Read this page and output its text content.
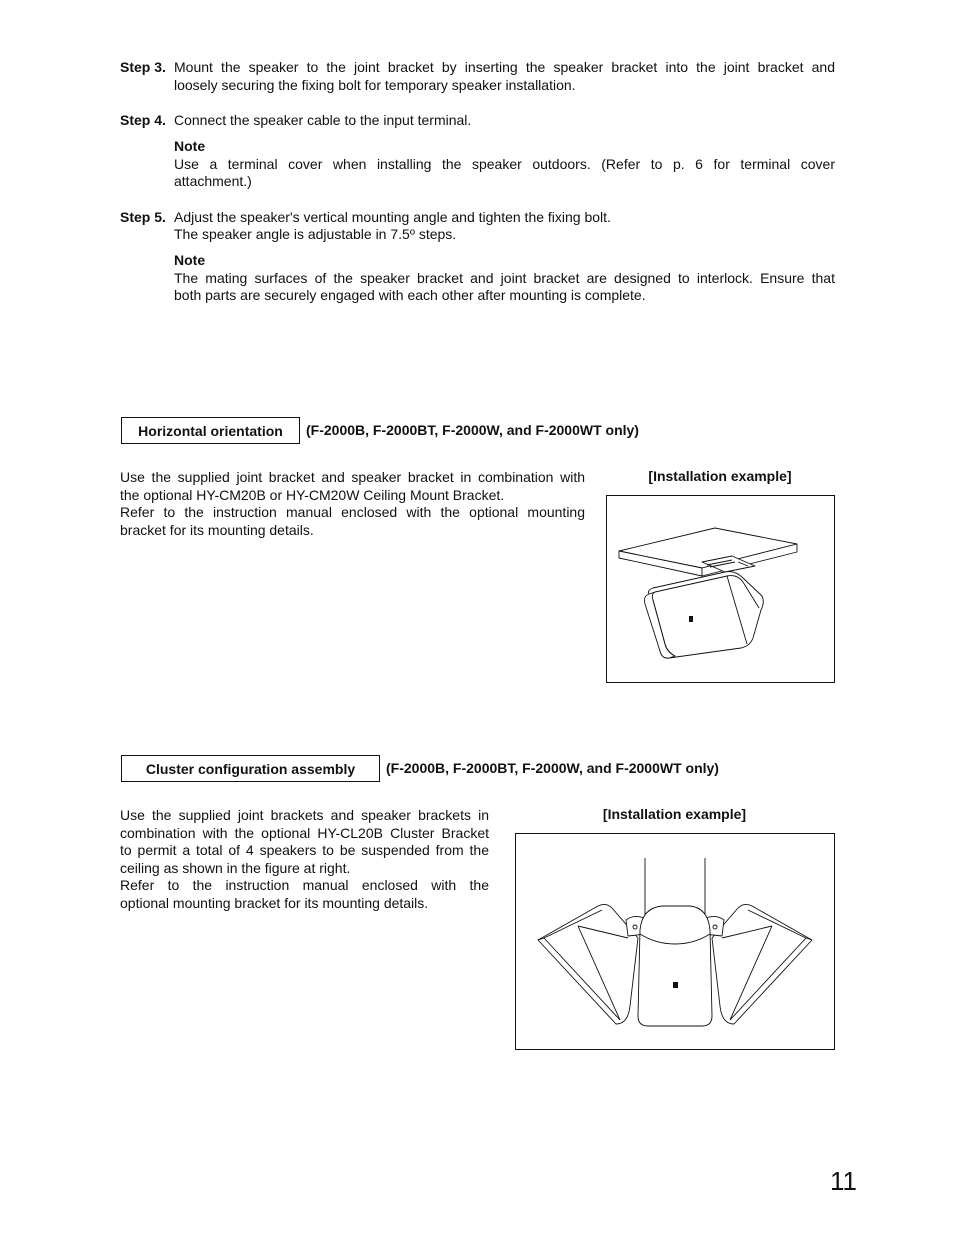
Step 3. Mount the speaker to the joint bracket by inserting the speaker bracket into the joint bracket and
loosely securing the fixing bolt for temporary speaker installation.
Step 4. Connect the speaker cable to the input terminal.
Note
Use a terminal cover when installing the speaker outdoors. (Refer to p. 6 for terminal cover
attachment.)
Step 5. Adjust the speaker's vertical mounting angle and tighten the fixing bolt.
The speaker angle is adjustable in 7.5º steps.
Note
The mating surfaces of the speaker bracket and joint bracket are designed to interlock. Ensure that
both parts are securely engaged with each other after mounting is complete.
Horizontal orientation	(F-2000B, F-2000BT, F-2000W, and F-2000WT only)
Use the supplied joint bracket and speaker bracket in combination with
the optional HY-CM20B or HY-CM20W Ceiling Mount Bracket.
Refer to the instruction manual enclosed with the optional mounting
bracket for its mounting details.
[Installation example]
Cluster configuration assembly	(F-2000B, F-2000BT, F-2000W, and F-2000WT only)
Use the supplied joint brackets and speaker brackets in
combination with the optional HY-CL20B Cluster Bracket
to permit a total of 4 speakers to be suspended from the
ceiling as shown in the figure at right.
Refer to the instruction manual enclosed with the
optional mounting bracket for its mounting details.
[Installation example]
11
